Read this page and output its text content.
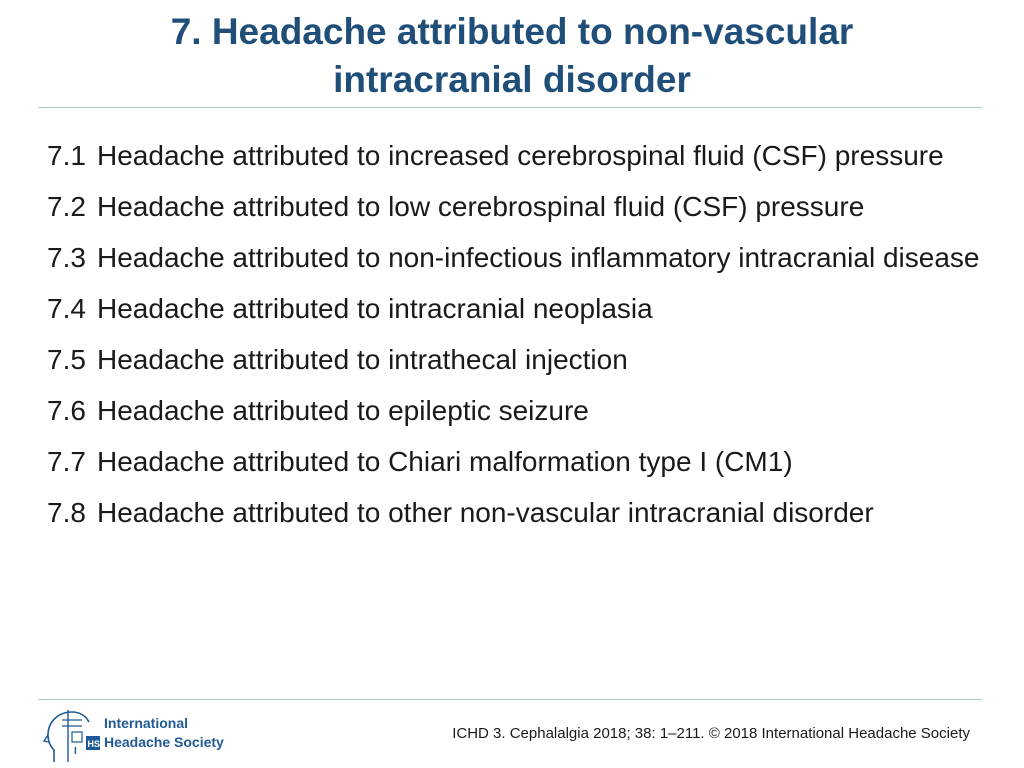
7. Headache attributed to non-vascular
intracranial disorder
7.1 Headache attributed to increased cerebrospinal fluid (CSF) pressure
7.2 Headache attributed to low cerebrospinal fluid (CSF) pressure
7.3 Headache attributed to non-infectious inflammatory intracranial disease
7.4 Headache attributed to intracranial neoplasia
7.5 Headache attributed to intrathecal injection
7.6 Headache attributed to epileptic seizure
7.7 Headache attributed to Chiari malformation type I (CM1)
7.8 Headache attributed to other non-vascular intracranial disorder
HS
I
International
Headache Society	ICHD 3. Cephalalgia 2018; 38: 1–211. © 2018 International Headache Society
